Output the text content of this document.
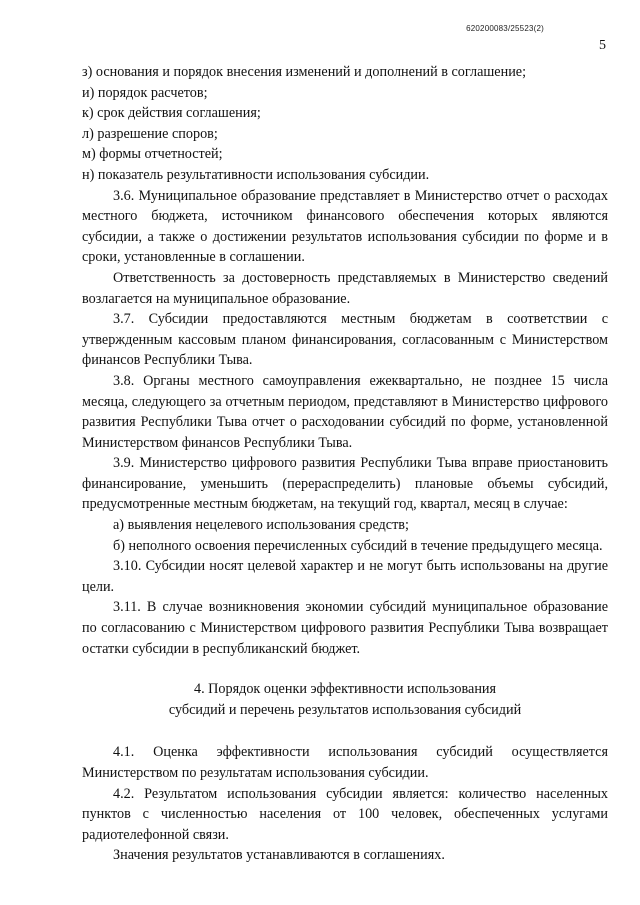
620200083/25523(2)
5

з) основания и порядок внесения изменений и дополнений в соглашение;

и) порядок расчетов;

к) срок действия соглашения;

л) разрешение споров;

м) формы отчетностей;

н) показатель результативности использования субсидии.

3.6. Муниципальное образование представляет в Министерство отчет о расходах местного бюджета, источником финансового обеспечения которых являются субсидии, а также о достижении результатов использования субсидии по форме и в сроки, установленные в соглашении.

Ответственность за достоверность представляемых в Министерство сведений возлагается на муниципальное образование.

3.7. Субсидии предоставляются местным бюджетам в соответствии с утвержденным кассовым планом финансирования, согласованным с Министерством финансов Республики Тыва.

3.8. Органы местного самоуправления ежеквартально, не позднее 15 числа месяца, следующего за отчетным периодом, представляют в Министерство цифрового развития Республики Тыва отчет о расходовании субсидий по форме, установленной Министерством финансов Республики Тыва.

3.9. Министерство цифрового развития Республики Тыва вправе приостановить финансирование, уменьшить (перераспределить) плановые объемы субсидий, предусмотренные местным бюджетам, на текущий год, квартал, месяц в случае:

а) выявления нецелевого использования средств;

б) неполного освоения перечисленных субсидий в течение предыдущего месяца.

3.10. Субсидии носят целевой характер и не могут быть использованы на другие цели.

3.11. В случае возникновения экономии субсидий муниципальное образование по согласованию с Министерством цифрового развития Республики Тыва возвращает остатки субсидии в республиканский бюджет.

4. Порядок оценки эффективности использования
субсидий и перечень результатов использования субсидий

4.1. Оценка эффективности использования субсидий осуществляется Министерством по результатам использования субсидии.

4.2. Результатом использования субсидии является: количество населенных пунктов с численностью населения от 100 человек, обеспеченных услугами радиотелефонной связи.

Значения результатов устанавливаются в соглашениях.
